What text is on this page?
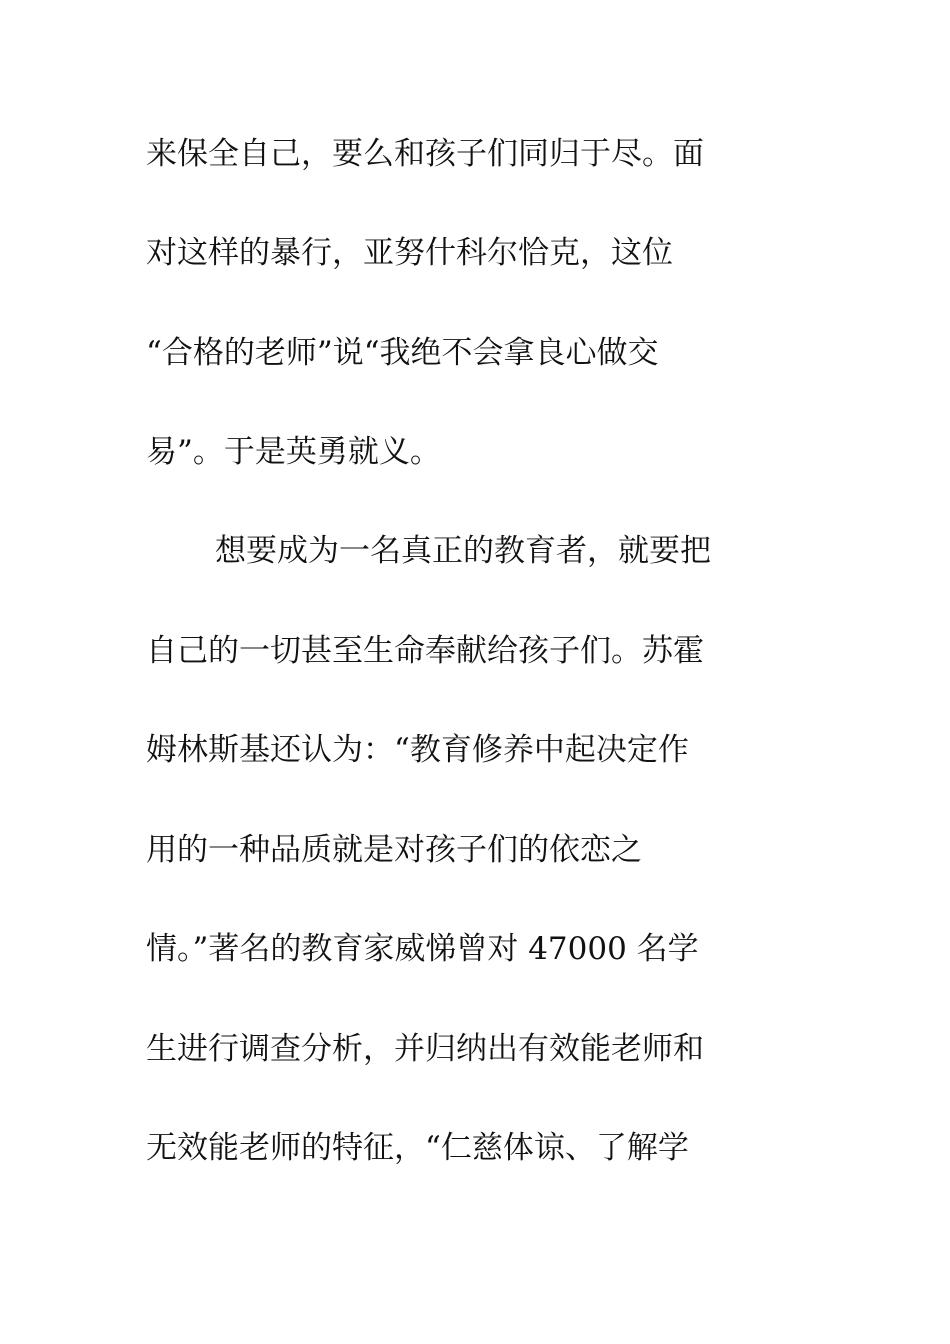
来保全自己，要么和孩子们同归于尽。面
对这样的暴行，亚努什科尔恰克，这位
“合格的老师”说“我绝不会拿良心做交
易”。于是英勇就义。
想要成为一名真正的教育者，就要把
自己的一切甚至生命奉献给孩子们。苏霍
姆林斯基还认为：“教育修养中起决定作
用的一种品质就是对孩子们的依恋之
情。”著名的教育家威悌曾对 47000 名学
生进行调查分析，并归纳出有效能老师和
无效能老师的特征，“仁慈体谅、了解学
